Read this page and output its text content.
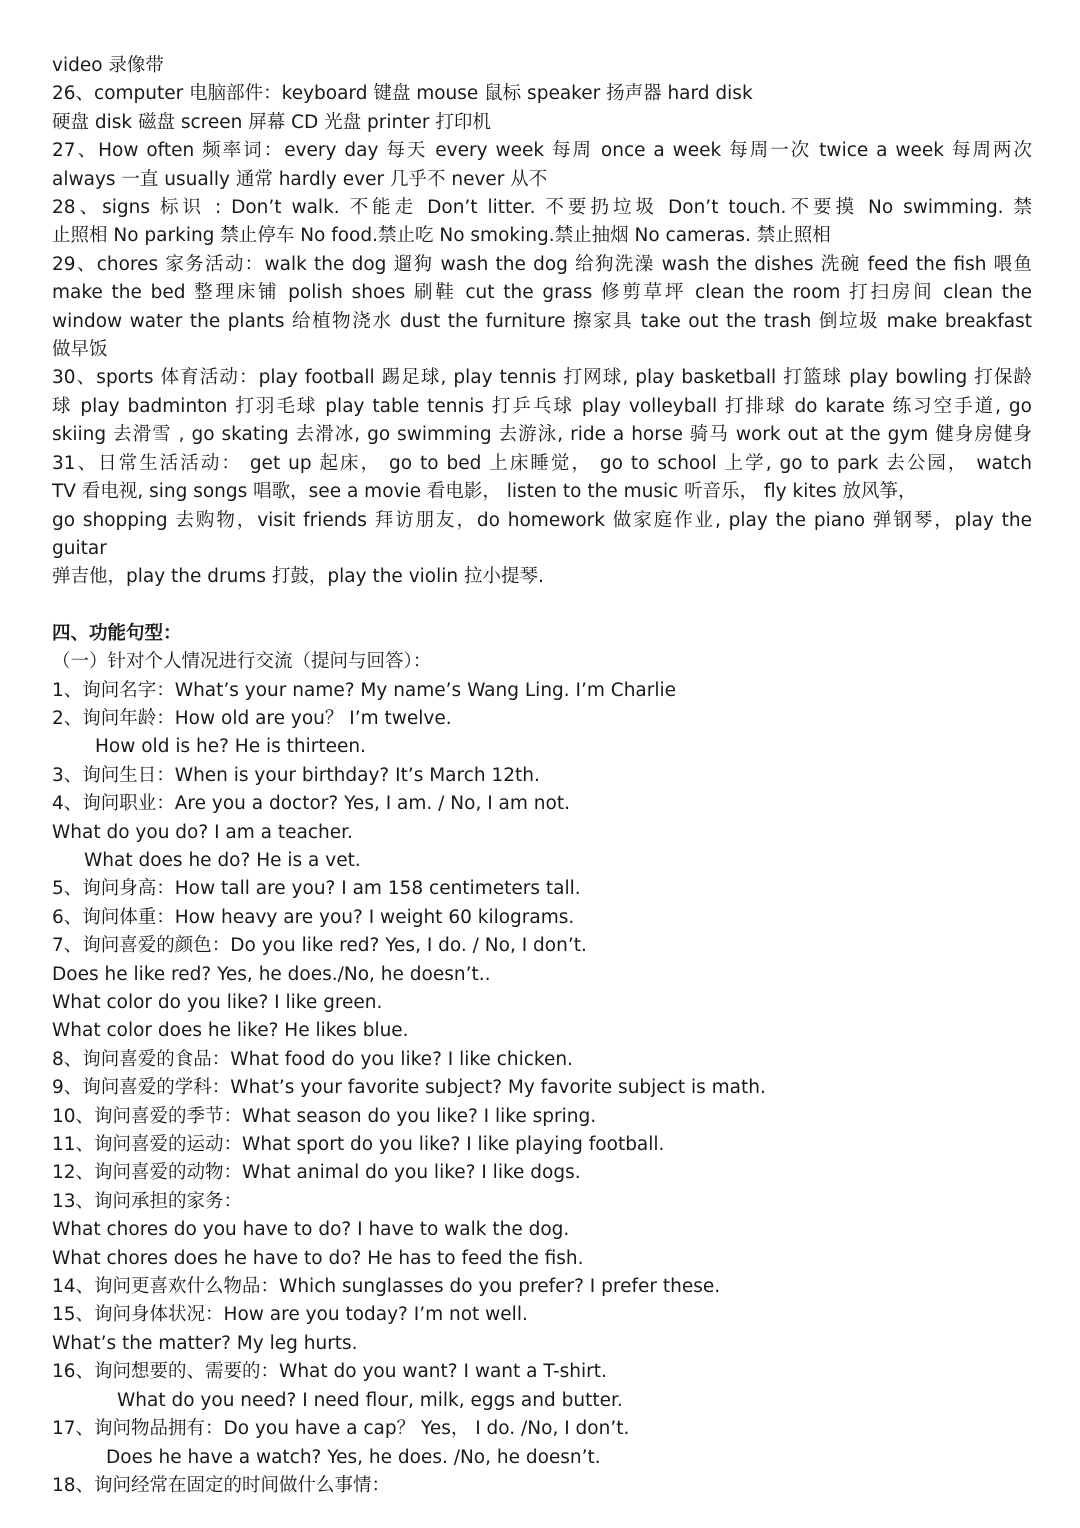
video 录像带
26、computer 电脑部件：keyboard 键盘 mouse 鼠标 speaker 扬声器 hard disk
硬盘 disk 磁盘 screen 屏幕 CD 光盘 printer 打印机
27、How often 频率词：every day 每天 every week 每周 once a week 每周一次 twice a week 每周两次
always 一直 usually 通常 hardly ever 几乎不 never 从不
28、signs 标识 : Don’t walk. 不能走 Don’t litter. 不要扔垃圾 Don’t touch.不要摸 No swimming. 禁
止照相 No parking 禁止停车 No food.禁止吃 No smoking.禁止抽烟 No cameras. 禁止照相
29、chores 家务活动：walk the dog 遛狗 wash the dog 给狗洗澡 wash the dishes 洗碗 feed the fish 喂鱼
make the bed 整理床铺 polish shoes 刷鞋 cut the grass 修剪草坪 clean the room 打扫房间 clean the
window water the plants 给植物浇水 dust the furniture 擦家具 take out the trash 倒垃圾 make breakfast
做早饭
30、sports 体育活动：play football 踢足球, play tennis 打网球, play basketball 打篮球 play bowling 打保龄
球 play badminton 打羽毛球 play table tennis 打乒乓球 play volleyball 打排球 do karate 练习空手道, go
skiing 去滑雪 , go skating 去滑冰, go swimming 去游泳, ride a horse 骑马 work out at the gym 健身房健身
31、日常生活活动： get up 起床， go to bed 上床睡觉， go to school 上学, go to park 去公园， watch
TV 看电视, sing songs 唱歌，see a movie 看电影， listen to the music 听音乐， fly kites 放风筝，
go shopping 去购物，visit friends 拜访朋友，do homework 做家庭作业, play the piano 弹钢琴，play the guitar
弹吉他，play the drums 打鼓，play the violin 拉小提琴.
四、功能句型：
（一）针对个人情况进行交流（提问与回答）：
1、询问名字：What’s your name? My name’s Wang Ling. I’m Charlie
2、询问年龄：How old are you？ I’m twelve.
How old is he? He is thirteen.
3、询问生日：When is your birthday? It’s March 12th.
4、询问职业：Are you a doctor? Yes, I am. / No, I am not.
What do you do? I am a teacher.
What does he do? He is a vet.
5、询问身高：How tall are you? I am 158 centimeters tall.
6、询问体重：How heavy are you? I weight 60 kilograms.
7、询问喜爱的颜色：Do you like red? Yes, I do. / No, I don’t.
Does he like red? Yes, he does./No, he doesn’t..
What color do you like? I like green.
What color does he like? He likes blue.
8、询问喜爱的食品：What food do you like? I like chicken.
9、询问喜爱的学科：What’s your favorite subject? My favorite subject is math.
10、询问喜爱的季节：What season do you like? I like spring.
11、询问喜爱的运动：What sport do you like? I like playing football.
12、询问喜爱的动物：What animal do you like? I like dogs.
13、询问承担的家务：
What chores do you have to do? I have to walk the dog.
What chores does he have to do? He has to feed the fish.
14、询问更喜欢什么物品：Which sunglasses do you prefer? I prefer these.
15、询问身体状况：How are you today? I’m not well.
What’s the matter? My leg hurts.
16、询问想要的、需要的：What do you want? I want a T-shirt.
What do you need? I need flour, milk, eggs and butter.
17、询问物品拥有：Do you have a cap？ Yes， I do. /No, I don’t.
Does he have a watch? Yes, he does. /No, he doesn’t.
18、询问经常在固定的时间做什么事情：
